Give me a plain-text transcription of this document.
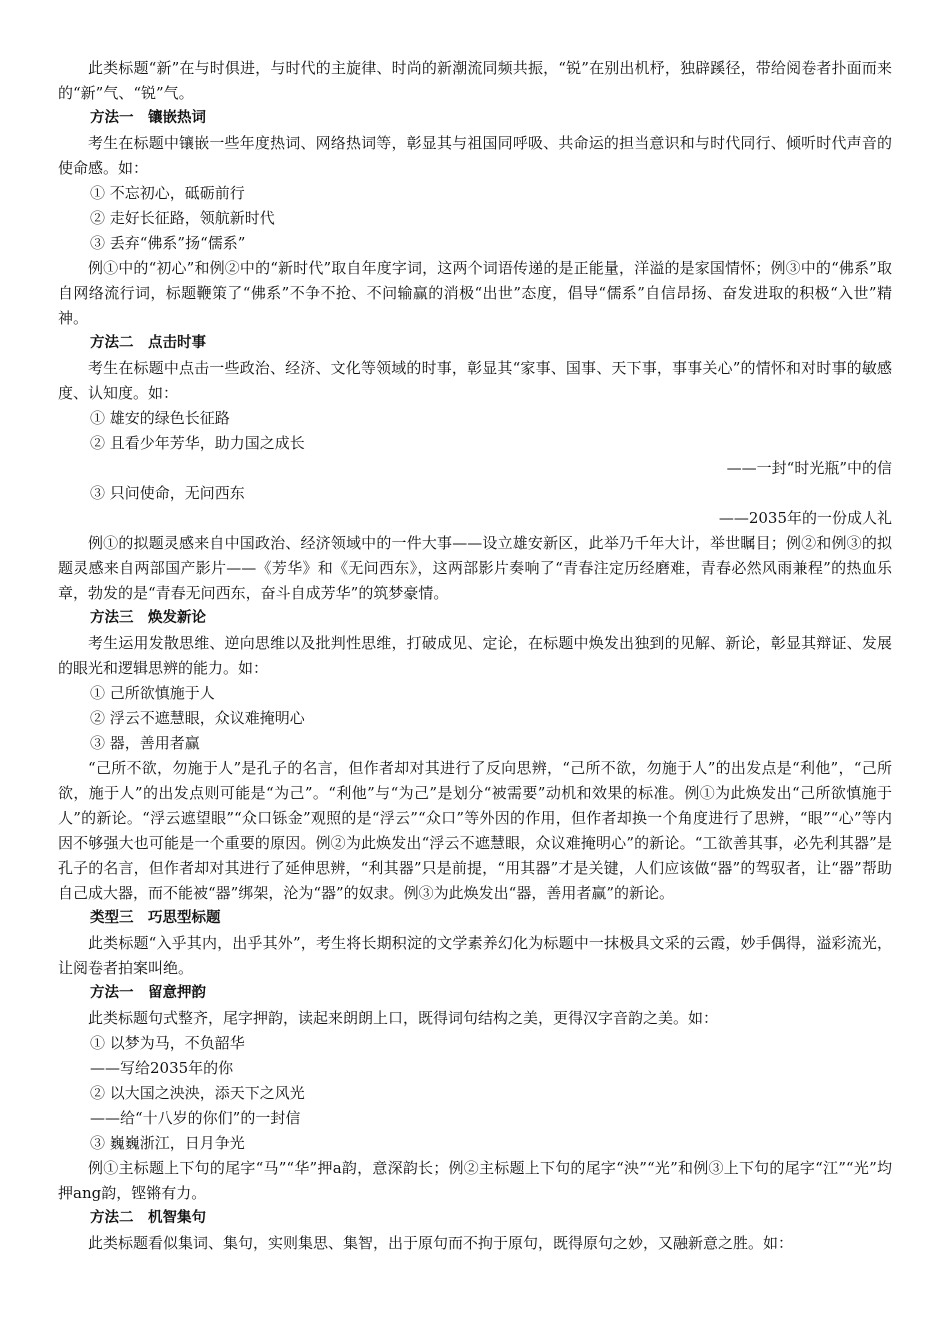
此类标题“新”在与时俱进，与时代的主旋律、时尚的新潮流同频共振，“锐”在别出机杼，独辟蹊径，带给阅卷者扑面而来的“新”气、“锐”气。
方法一　镶嵌热词
考生在标题中镶嵌一些年度热词、网络热词等，彰显其与祖国同呼吸、共命运的担当意识和与时代同行、倾听时代声音的使命感。如：
① 不忘初心，砥砺前行
② 走好长征路，领航新时代
③ 丢弃“佛系”扬“儒系”
例①中的“初心”和例②中的“新时代”取自年度字词，这两个词语传递的是正能量，洋溢的是家国情怀；例③中的“佛系”取自网络流行词，标题鞭策了“佛系”不争不抢、不问输赢的消极“出世”态度，倡导“儒系”自信昂扬、奋发进取的积极“入世”精神。
方法二　点击时事
考生在标题中点击一些政治、经济、文化等领域的时事，彰显其“家事、国事、天下事，事事关心”的情怀和对时事的敏感度、认知度。如：
① 雄安的绿色长征路
② 且看少年芳华，助力国之成长
——一封“时光瓶”中的信
③ 只问使命，无问西东
——2035年的一份成人礼
例①的拟题灵感来自中国政治、经济领域中的一件大事——设立雄安新区，此举乃千年大计，举世瞩目；例②和例③的拟题灵感来自两部国产影片——《芳华》和《无问西东》，这两部影片奏响了“青春注定历经磨难，青春必然风雨兼程”的热血乐章，勃发的是“青春无问西东，奋斗自成芳华”的筑梦豪情。
方法三　焕发新论
考生运用发散思维、逆向思维以及批判性思维，打破成见、定论，在标题中焕发出独到的见解、新论，彰显其辩证、发展的眼光和逻辑思辨的能力。如：
① 己所欲慎施于人
② 浮云不遮慧眼，众议难掩明心
③ 器，善用者赢
“己所不欲，勿施于人”是孔子的名言，但作者却对其进行了反向思辨，“己所不欲，勿施于人”的出发点是“利他”，“己所欲，施于人”的出发点则可能是“为己”。“利他”与“为己”是划分“被需要”动机和效果的标准。例①为此焕发出“己所欲慎施于人”的新论。“浮云遮望眼”“众口铄金”观照的是“浮云”“众口”等外因的作用，但作者却换一个角度进行了思辨，“眼”“心”等内因不够强大也可能是一个重要的原因。例②为此焕发出“浮云不遮慧眼，众议难掩明心”的新论。“工欲善其事，必先利其器”是孔子的名言，但作者却对其进行了延伸思辨，“利其器”只是前提，“用其器”才是关键，人们应该做“器”的驾驭者，让“器”帮助自己成大器，而不能被“器”绑架，沦为“器”的奴隶。例③为此焕发出“器，善用者赢”的新论。
类型三　巧思型标题
此类标题“入乎其内，出乎其外”，考生将长期积淀的文学素养幻化为标题中一抹极具文采的云霞，妙手偶得，溢彩流光，让阅卷者拍案叫绝。
方法一　留意押韵
此类标题句式整齐，尾字押韵，读起来朗朗上口，既得词句结构之美，更得汉字音韵之美。如：
① 以梦为马，不负韶华
——写给2035年的你
② 以大国之泱泱，添天下之风光
——给“十八岁的你们”的一封信
③ 巍巍浙江，日月争光
例①主标题上下句的尾字“马”“华”押a韵，意深韵长；例②主标题上下句的尾字“泱”“光”和例③上下句的尾字“江”“光”均押ang韵，铿锵有力。
方法二　机智集句
此类标题看似集词、集句，实则集思、集智，出于原句而不拘于原句，既得原句之妙，又融新意之胜。如：
